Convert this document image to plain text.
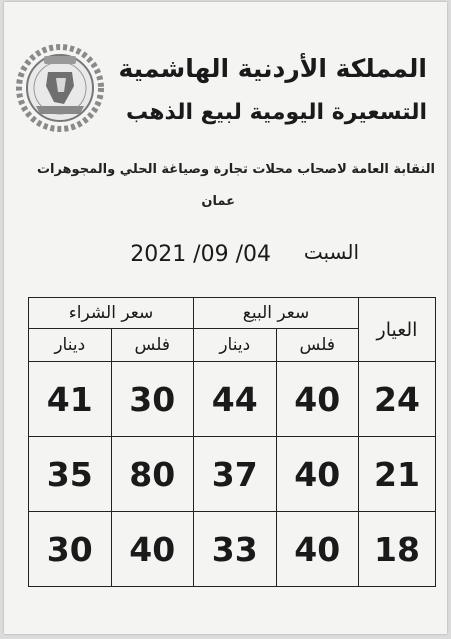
المملكة الأردنية الهاشمية
التسعيرة اليومية لبيع الذهب
النقابة العامة لاصحاب محلات تجارة وصياغة الحلي والمجوهرات
عمان
السبت
2021 /09 /04
العيار	سعر البيع		سعر الشراء	
	فلس	دينار	فلس	دينار
24	40	44	30	41
21	40	37	80	35
18	40	33	40	30
